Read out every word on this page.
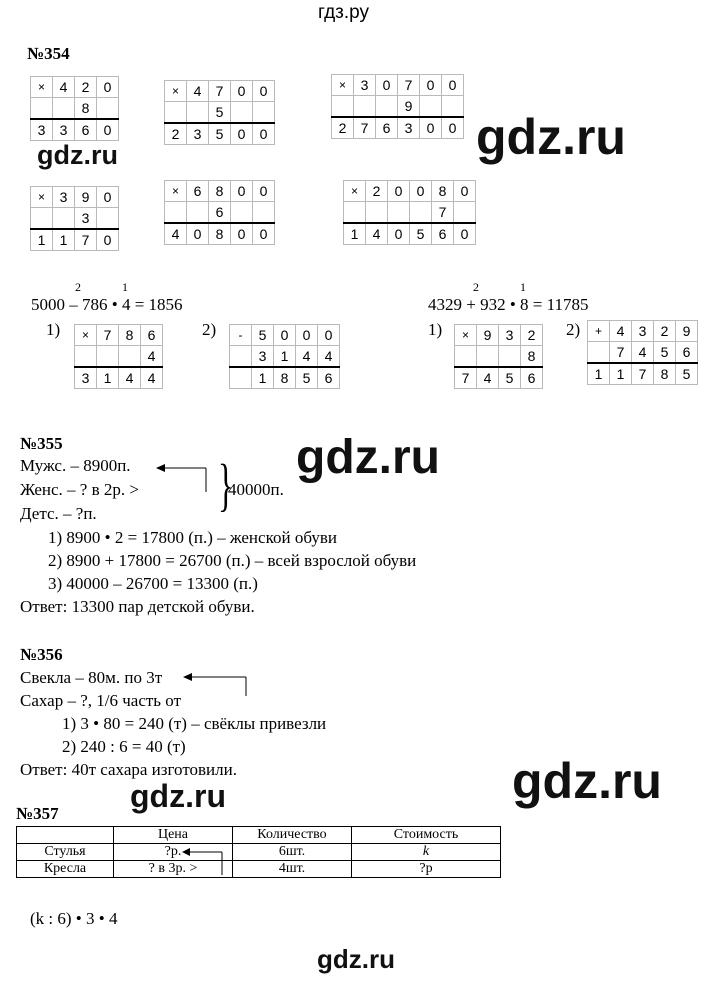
гдз.ру
gdz.ru
gdz.ru
gdz.ru
gdz.ru
gdz.ru
gdz.ru
№354
×	4	2	0
		8	
3	3	6	0
×	4	7	0	0
		5		
2	3	5	0	0
×	3	0	7	0	0
			9		
2	7	6	3	0	0
×	3	9	0
		3	
1	1	7	0
×	6	8	0	0
		6		
4	0	8	0	0
×	2	0	0	8	0
				7	
1	4	0	5	6	0
2	1
5000 – 786 • 4 = 1856
1)	2)
×	7	8	6
			4
3	1	4	4
-	5	0	0	0
	3	1	4	4
	1	8	5	6
2	1
4329 + 932 • 8 = 11785
1)	2)
×	9	3	2
			8
7	4	5	6
+	4	3	2	9
	7	4	5	6
1	1	7	8	5
№355
Мужс. – 8900п.
Женс. – ? в 2р. >
Детс. – ?п. }
40000п.
1) 8900 • 2 = 17800 (п.) – женской обуви
2) 8900 + 17800 = 26700 (п.) – всей взрослой обуви
3) 40000 – 26700 = 13300 (п.)
Ответ: 13300 пар детской обуви.
№356
Свекла – 80м. по 3т
Сахар – ?, 1/6 часть от
1) 3 • 80 = 240 (т) – свёклы привезли
2) 240 : 6 = 40 (т)
Ответ: 40т сахара изготовили.
№357
	Цена	Количество	Стоимость
Стулья	?р.	6шт.	k
Кресла	? в 3р. >	4шт.	?р
(k : 6) • 3 • 4
